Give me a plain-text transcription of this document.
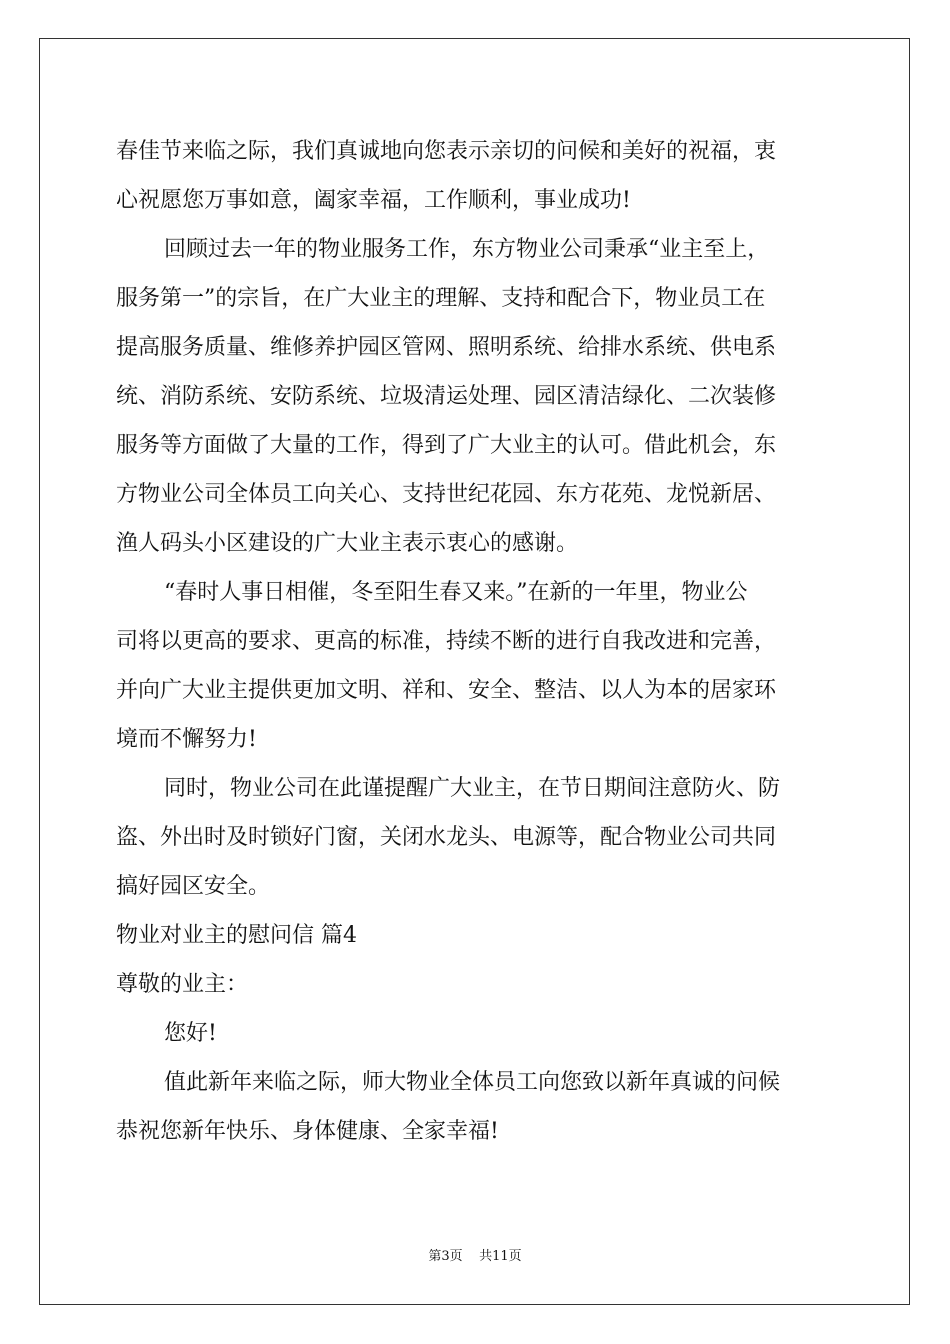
春佳节来临之际，我们真诚地向您表示亲切的问候和美好的祝福，衷
心祝愿您万事如意，阖家幸福，工作顺利，事业成功!
回顾过去一年的物业服务工作，东方物业公司秉承“业主至上，
服务第一”的宗旨，在广大业主的理解、支持和配合下，物业员工在
提高服务质量、维修养护园区管网、照明系统、给排水系统、供电系
统、消防系统、安防系统、垃圾清运处理、园区清洁绿化、二次装修
服务等方面做了大量的工作，得到了广大业主的认可。借此机会，东
方物业公司全体员工向关心、支持世纪花园、东方花苑、龙悦新居、
渔人码头小区建设的广大业主表示衷心的感谢。
“春时人事日相催，冬至阳生春又来。”在新的一年里，物业公
司将以更高的要求、更高的标准，持续不断的进行自我改进和完善，
并向广大业主提供更加文明、祥和、安全、整洁、以人为本的居家环
境而不懈努力!
同时，物业公司在此谨提醒广大业主，在节日期间注意防火、防
盗、外出时及时锁好门窗，关闭水龙头、电源等，配合物业公司共同
搞好园区安全。
物业对业主的慰问信 篇4
尊敬的业主：
您好!
值此新年来临之际，师大物业全体员工向您致以新年真诚的问候
恭祝您新年快乐、身体健康、全家幸福!
第3页 共11页
